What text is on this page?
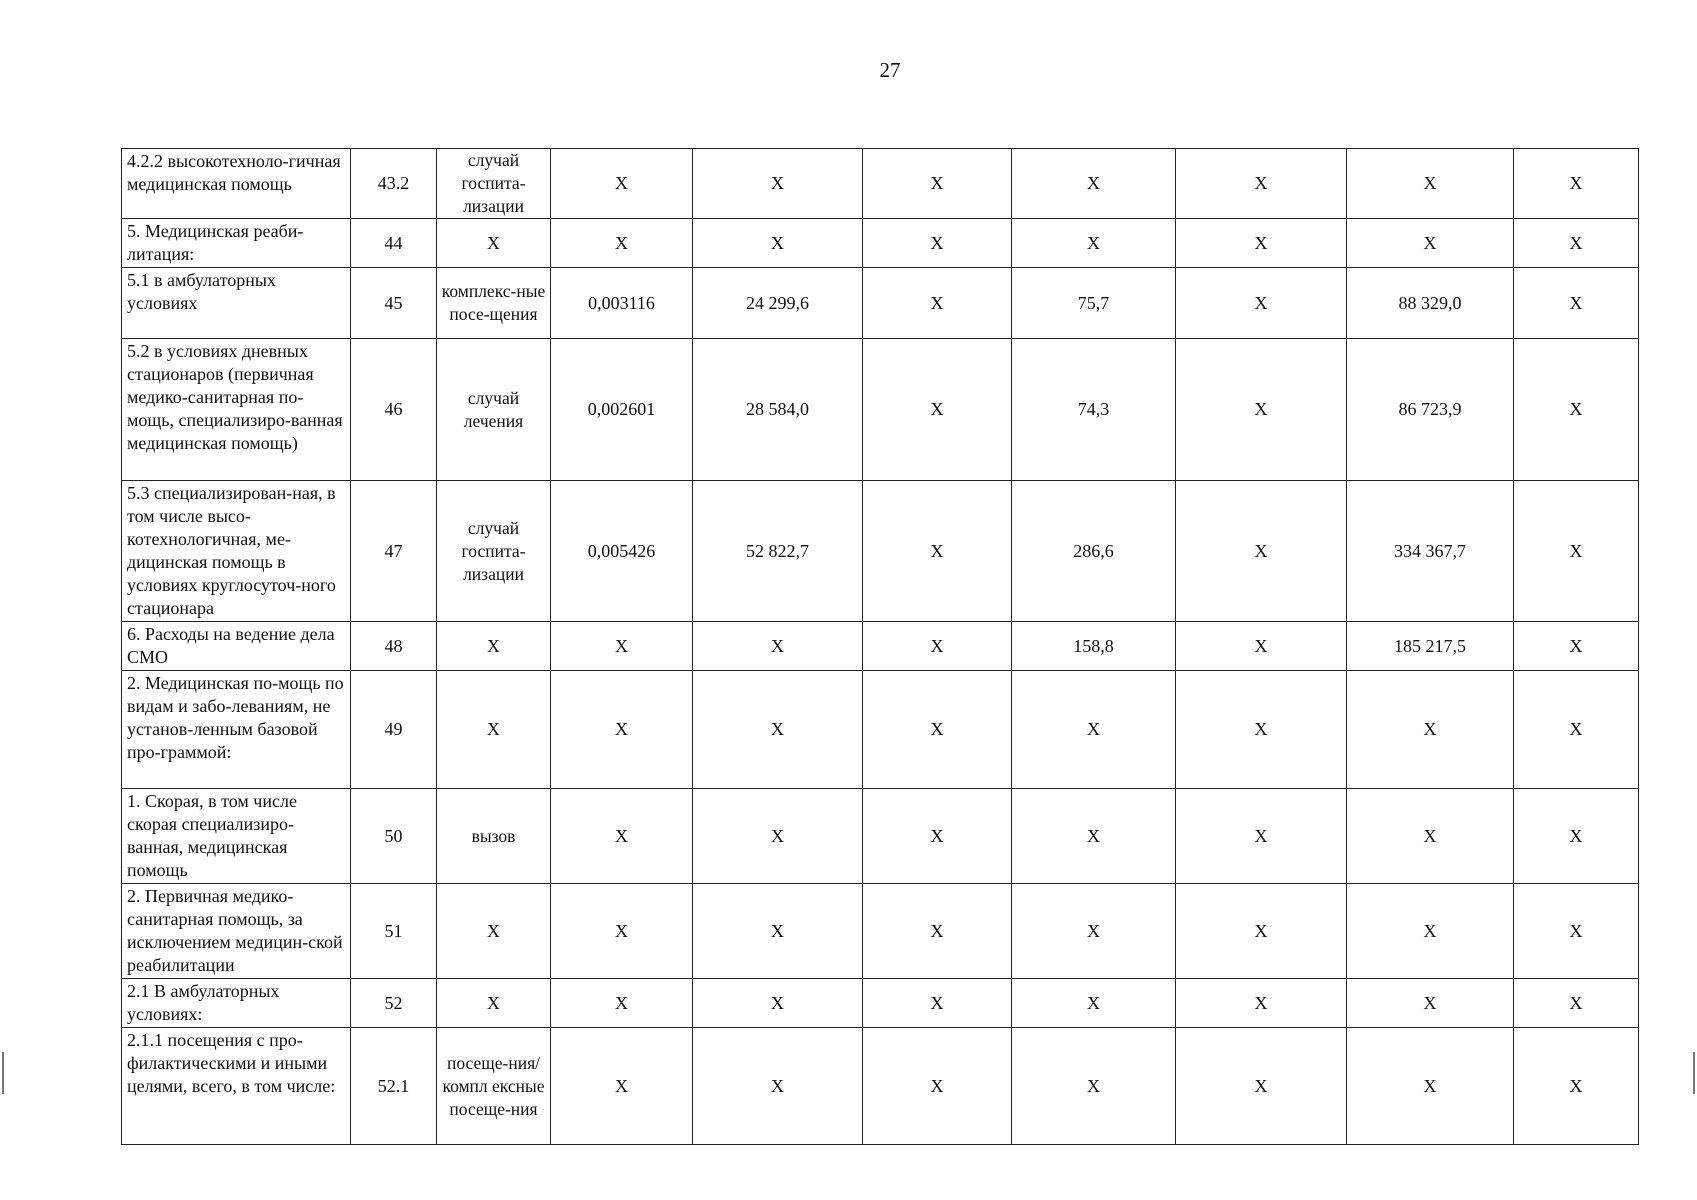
27
4.2.2 высокотехноло-гичная медицинская помощь	43.2	случай госпита-лизации	X	X	X	X	X	X	X
5. Медицинская реаби-литация:	44	X	X	X	X	X	X	X	X
5.1 в амбулаторных условиях	45	комплекс-ные посе-щения	0,003116	24 299,6	X	75,7	X	88 329,0	X
5.2 в условиях дневных стационаров (первичная медико-санитарная по-мощь, специализиро-ванная медицинская помощь)	46	случай лечения	0,002601	28 584,0	X	74,3	X	86 723,9	X
5.3 специализирован-ная, в том числе высо-котехнологичная, ме-дицинская помощь в условиях круглосуточ-ного стационара	47	случай госпита-лизации	0,005426	52 822,7	X	286,6	X	334 367,7	X
6. Расходы на ведение дела СМО	48	X	X	X	X	158,8	X	185 217,5	X
2. Медицинская по-мощь по видам и забо-леваниям, не установ-ленным базовой про-граммой:	49	X	X	X	X	X	X	X	X
1. Скорая, в том числе скорая специализиро-ванная, медицинская помощь	50	вызов	X	X	X	X	X	X	X
2. Первичная медико-санитарная помощь, за исключением медицин-ской реабилитации	51	X	X	X	X	X	X	X	X
2.1 В амбулаторных условиях:	52	X	X	X	X	X	X	X	X
2.1.1 посещения с про-филактическими и иными целями, всего, в том числе:	52.1	посеще-ния/компл ексные посеще-ния	X	X	X	X	X	X	X
